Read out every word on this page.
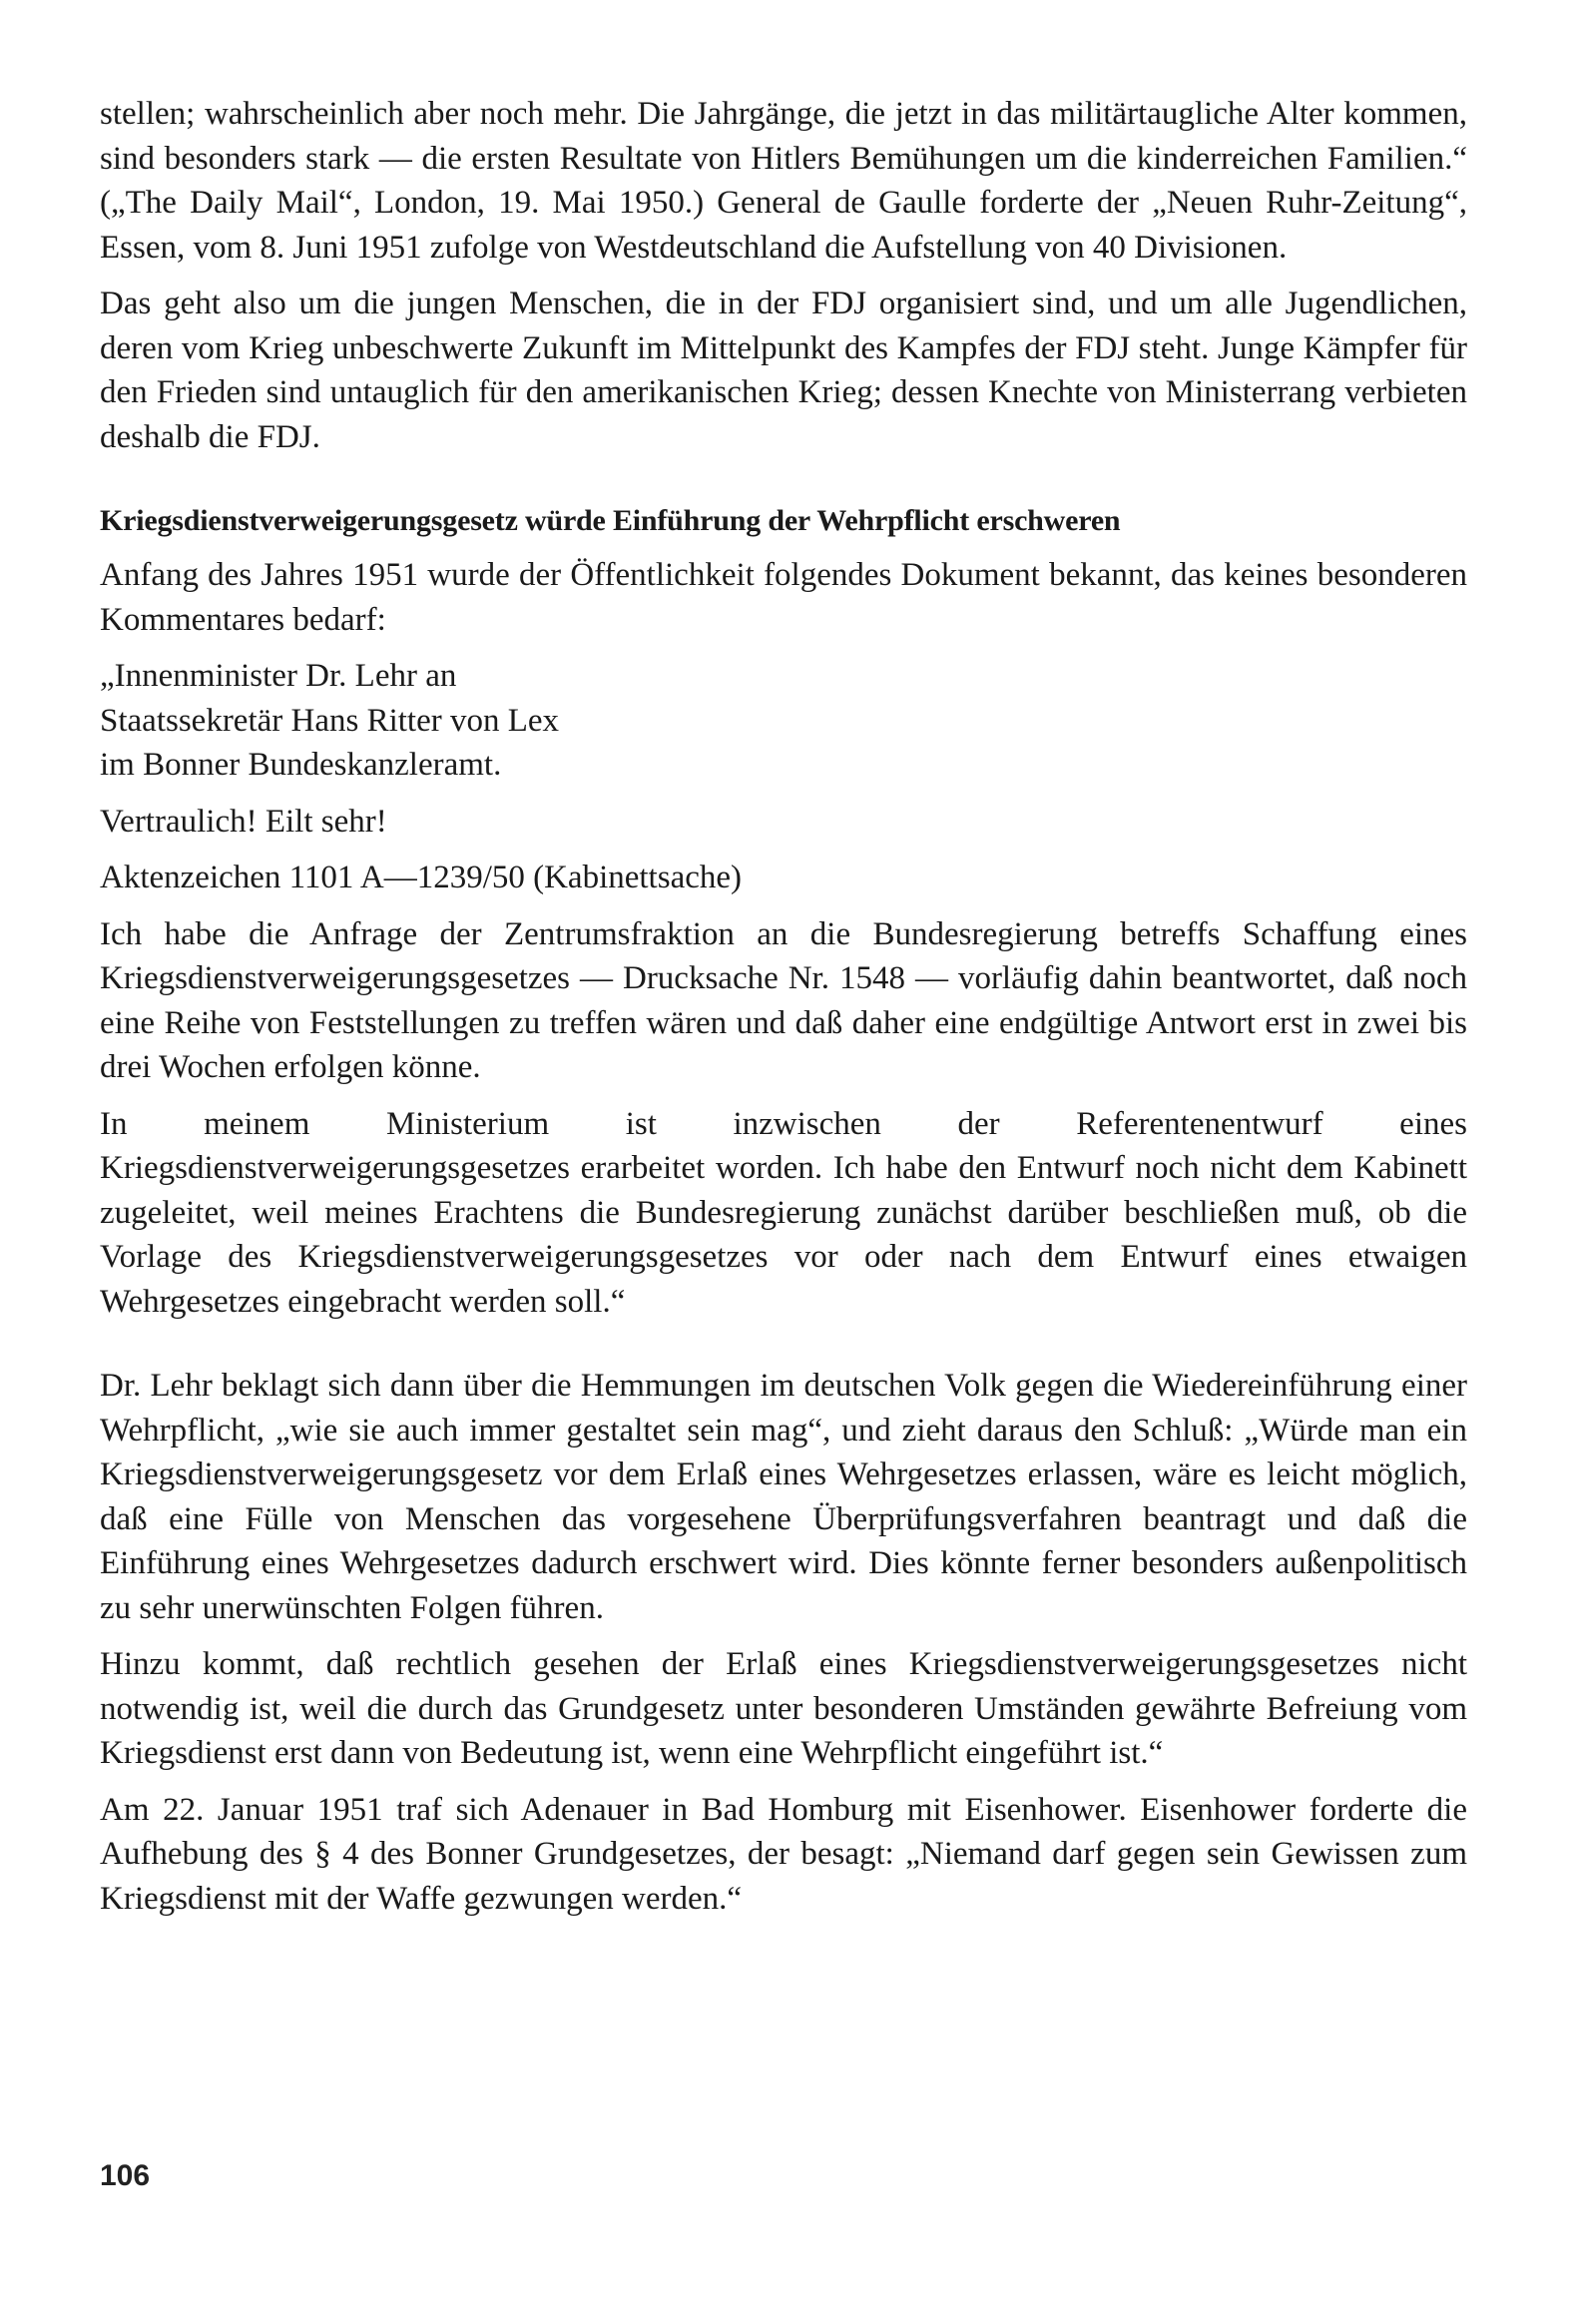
stellen; wahrscheinlich aber noch mehr. Die Jahrgänge, die jetzt in das militärtaugliche Alter kommen, sind besonders stark — die ersten Resultate von Hitlers Bemühungen um die kinderreichen Familien.“ („The Daily Mail“, London, 19. Mai 1950.) General de Gaulle forderte der „Neuen Ruhr-Zeitung“, Essen, vom 8. Juni 1951 zufolge von Westdeutschland die Aufstellung von 40 Divisionen.

Das geht also um die jungen Menschen, die in der FDJ organisiert sind, und um alle Jugendlichen, deren vom Krieg unbeschwerte Zukunft im Mittelpunkt des Kampfes der FDJ steht. Junge Kämpfer für den Frieden sind untauglich für den amerikanischen Krieg; dessen Knechte von Ministerrang verbieten deshalb die FDJ.

Kriegsdienstverweigerungsgesetz würde Einführung der Wehrpflicht erschweren

Anfang des Jahres 1951 wurde der Öffentlichkeit folgendes Dokument bekannt, das keines besonderen Kommentares bedarf:

„Innenminister Dr. Lehr an
Staatssekretär Hans Ritter von Lex
im Bonner Bundeskanzleramt.

Vertraulich! Eilt sehr!

Aktenzeichen 1101 A—1239/50 (Kabinettsache)

Ich habe die Anfrage der Zentrumsfraktion an die Bundesregierung betreffs Schaffung eines Kriegsdienstverweigerungsgesetzes — Drucksache Nr. 1548 — vorläufig dahin beantwortet, daß noch eine Reihe von Feststellungen zu treffen wären und daß daher eine endgültige Antwort erst in zwei bis drei Wochen erfolgen könne.

In meinem Ministerium ist inzwischen der Referentenentwurf eines Kriegsdienstverweigerungsgesetzes erarbeitet worden. Ich habe den Entwurf noch nicht dem Kabinett zugeleitet, weil meines Erachtens die Bundesregierung zunächst darüber beschließen muß, ob die Vorlage des Kriegsdienstverweigerungsgesetzes vor oder nach dem Entwurf eines etwaigen Wehrgesetzes eingebracht werden soll.“

Dr. Lehr beklagt sich dann über die Hemmungen im deutschen Volk gegen die Wiedereinführung einer Wehrpflicht, „wie sie auch immer gestaltet sein mag“, und zieht daraus den Schluß: „Würde man ein Kriegsdienstverweigerungsgesetz vor dem Erlaß eines Wehrgesetzes erlassen, wäre es leicht möglich, daß eine Fülle von Menschen das vorgesehene Überprüfungsverfahren beantragt und daß die Einführung eines Wehrgesetzes dadurch erschwert wird. Dies könnte ferner besonders außenpolitisch zu sehr unerwünschten Folgen führen.

Hinzu kommt, daß rechtlich gesehen der Erlaß eines Kriegsdienstverweigerungsgesetzes nicht notwendig ist, weil die durch das Grundgesetz unter besonderen Umständen gewährte Befreiung vom Kriegsdienst erst dann von Bedeutung ist, wenn eine Wehrpflicht eingeführt ist.“

Am 22. Januar 1951 traf sich Adenauer in Bad Homburg mit Eisenhower. Eisenhower forderte die Aufhebung des § 4 des Bonner Grundgesetzes, der besagt: „Niemand darf gegen sein Gewissen zum Kriegsdienst mit der Waffe gezwungen werden.“

106
